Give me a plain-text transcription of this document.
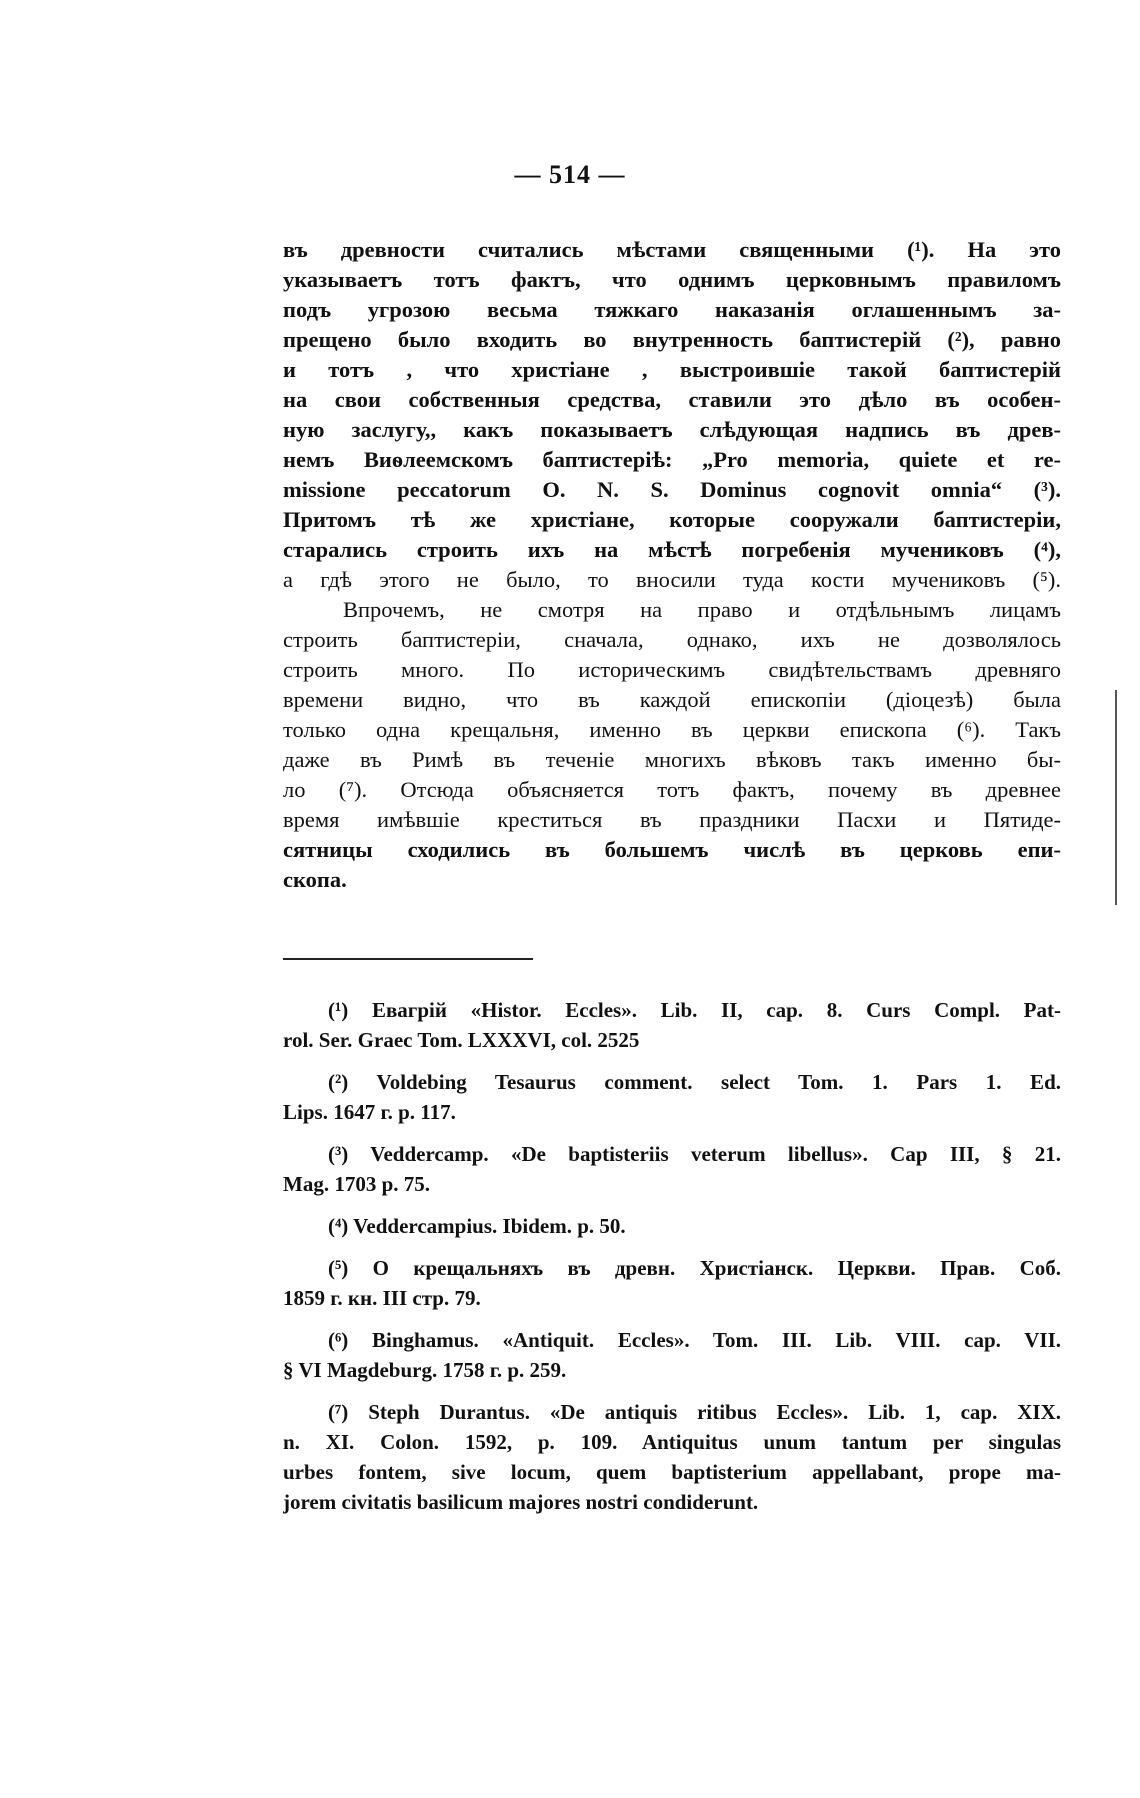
— 514 —
въ древности считались мѣстами священными (¹). На это
указываетъ тотъ фактъ, что однимъ церковнымъ правиломъ
подъ угрозою весьма тяжкаго наказанія оглашеннымъ за-
прещено было входить во внутренность баптистерій (²), равно
и тотъ , что христіане , выстроившіе такой баптистерій
на свои собственныя средства, ставили это дѣло въ особен-
ную заслугу,, какъ показываетъ слѣдующая надпись въ древ-
немъ Виѳлеемскомъ баптистеріѣ: „Pro memoria, quiete et re-
missione peccatorum O. N. S. Dominus cognovit omnia“ (³).
Притомъ тѣ же христіане, которые сооружали баптистеріи,
старались строить ихъ на мѣстѣ погребенія мучениковъ (⁴),
а гдѣ этого не было, то вносили туда кости мучениковъ (⁵).
Впрочемъ, не смотря на право и отдѣльнымъ лицамъ
строить баптистеріи, сначала, однако, ихъ не дозволялось
строить много. По историческимъ свидѣтельствамъ древняго
времени видно, что въ каждой епископіи (діоцезѣ) была
только одна крещальня, именно въ церкви епископа (⁶). Такъ
даже въ Римѣ въ теченіе многихъ вѣковъ такъ именно бы-
ло (⁷). Отсюда объясняется тотъ фактъ, почему въ древнее
время имѣвшіе креститься въ праздники Пасхи и Пятиде-
сятницы сходились въ большемъ числѣ въ церковь епи-
скопа.
(¹) Евагрій «Histor. Eccles». Lib. II, cap. 8. Curs Compl. Pat-
rol. Ser. Graec Tom. LXXXVI, col. 2525
(²) Voldebing Tesaurus comment. select Tom. 1. Pars 1. Ed.
Lips. 1647 г. р. 117.
(³) Veddercamp. «De baptisteriis veterum libellus». Cap III, § 21.
Mag. 1703 р. 75.
(⁴) Veddercampius. Ibidem. p. 50.
(⁵) О крещальняхъ въ древн. Христіанск. Церкви. Прав. Соб.
1859 г. кн. III стр. 79.
(⁶) Binghamus. «Antiquit. Eccles». Tom. III. Lib. VIII. cap. VII.
§ VI Magdeburg. 1758 г. р. 259.
(⁷) Steph Durantus. «De antiquis ritibus Eccles». Lib. 1, cap. XIX.
n. XI. Colon. 1592, p. 109. Antiquitus unum tantum per singulas
urbes fontem, sive locum, quem baptisterium appellabant, prope ma-
jorem civitatis basilicum majores nostri condiderunt.
